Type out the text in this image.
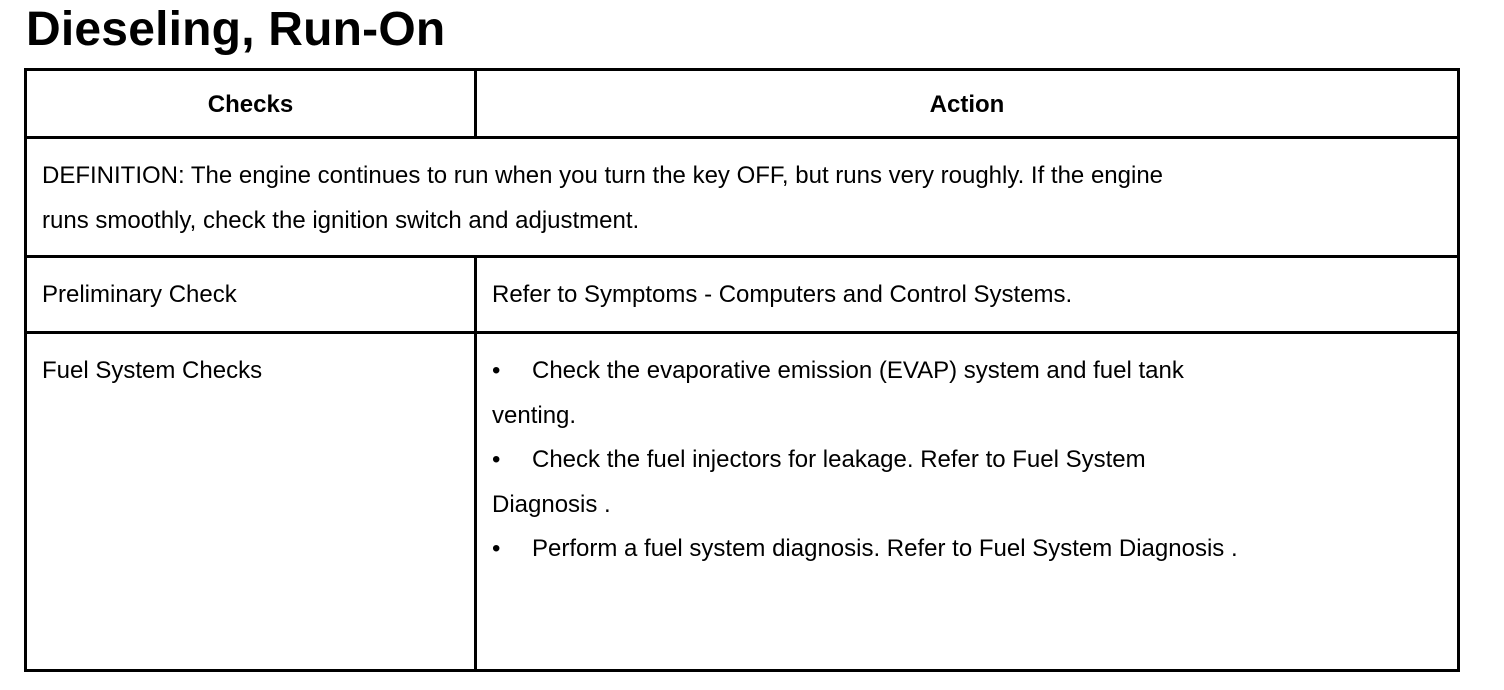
Dieseling, Run-On
Checks	Action
DEFINITION: The engine continues to run when you turn the key OFF, but runs very roughly. If the engine
runs smoothly, check the ignition switch and adjustment.
Preliminary Check	Refer to Symptoms - Computers and Control Systems.
Fuel System Checks	• Check the evaporative emission (EVAP) system and fuel tank
venting.
• Check the fuel injectors for leakage. Refer to Fuel System
Diagnosis .
• Perform a fuel system diagnosis. Refer to Fuel System Diagnosis .
